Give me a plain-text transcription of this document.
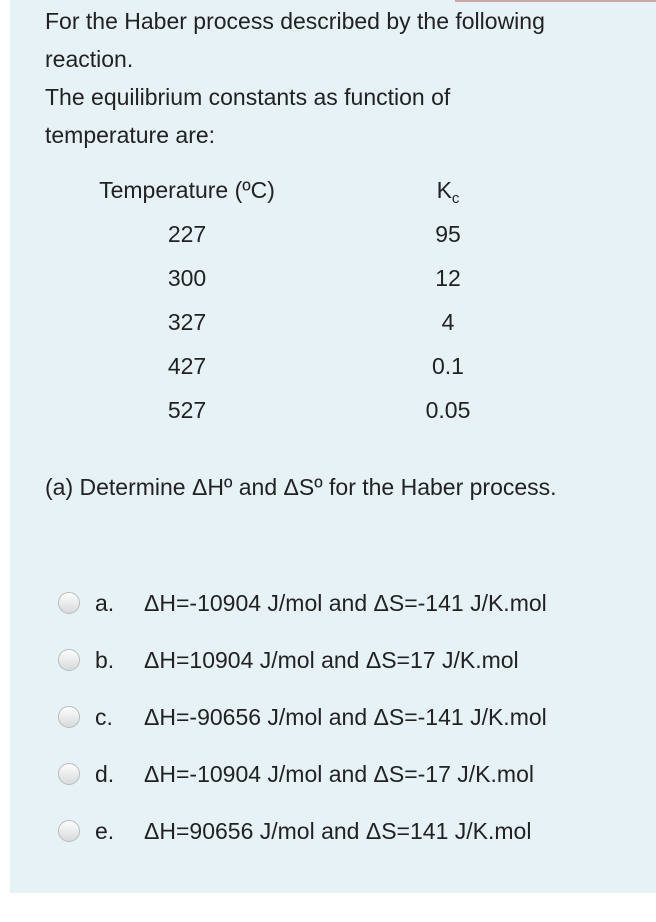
For the Haber process described by the following
reaction.
The equilibrium constants as function of
temperature are:
Temperature (ºC)	$K_c$
227	95
300	12
327	4
427	0.1
527	0.05
(a) Determine ΔHº and ΔSº for the Haber process.
a. ΔH=-10904 J/mol and ΔS=-141 J/K.mol
b. ΔH=10904 J/mol and ΔS=17 J/K.mol
c. ΔH=-90656 J/mol and ΔS=-141 J/K.mol
d. ΔH=-10904 J/mol and ΔS=-17 J/K.mol
e. ΔH=90656 J/mol and ΔS=141 J/K.mol
